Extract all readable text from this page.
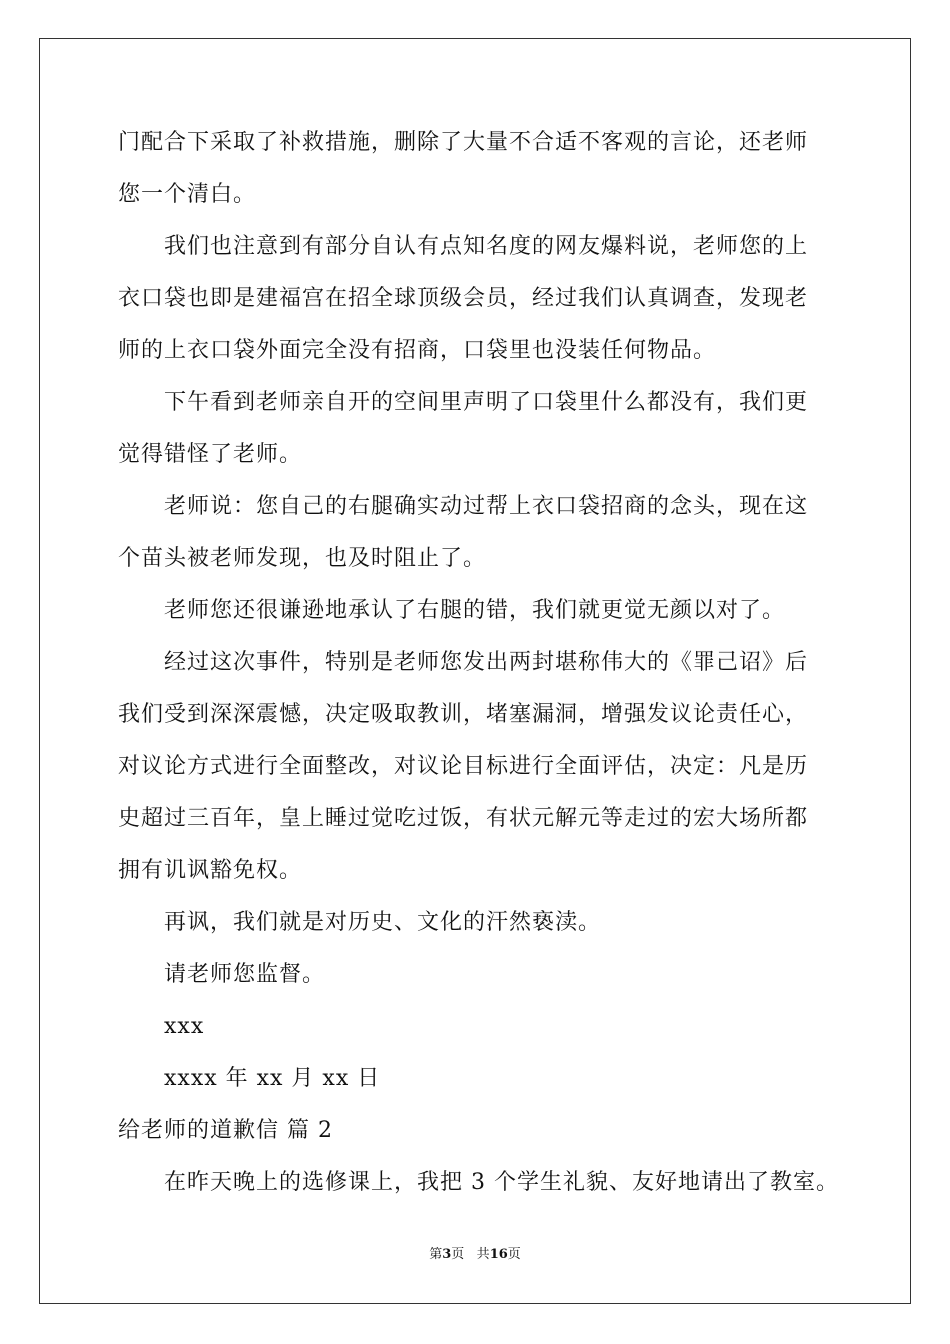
门配合下采取了补救措施，删除了大量不合适不客观的言论，还老师
您一个清白。
我们也注意到有部分自认有点知名度的网友爆料说，老师您的上
衣口袋也即是建福宫在招全球顶级会员，经过我们认真调查，发现老
师的上衣口袋外面完全没有招商，口袋里也没装任何物品。
下午看到老师亲自开的空间里声明了口袋里什么都没有，我们更
觉得错怪了老师。
老师说：您自己的右腿确实动过帮上衣口袋招商的念头，现在这
个苗头被老师发现，也及时阻止了。
老师您还很谦逊地承认了右腿的错，我们就更觉无颜以对了。
经过这次事件，特别是老师您发出两封堪称伟大的《罪己诏》后
我们受到深深震憾，决定吸取教训，堵塞漏洞，增强发议论责任心，
对议论方式进行全面整改，对议论目标进行全面评估，决定：凡是历
史超过三百年，皇上睡过觉吃过饭，有状元解元等走过的宏大场所都
拥有讥讽豁免权。
再讽，我们就是对历史、文化的汗然亵渎。
请老师您监督。
xxx
xxxx 年 xx 月 xx 日
给老师的道歉信 篇 2
在昨天晚上的选修课上，我把 3 个学生礼貌、友好地请出了教室。
第3页 共16页
